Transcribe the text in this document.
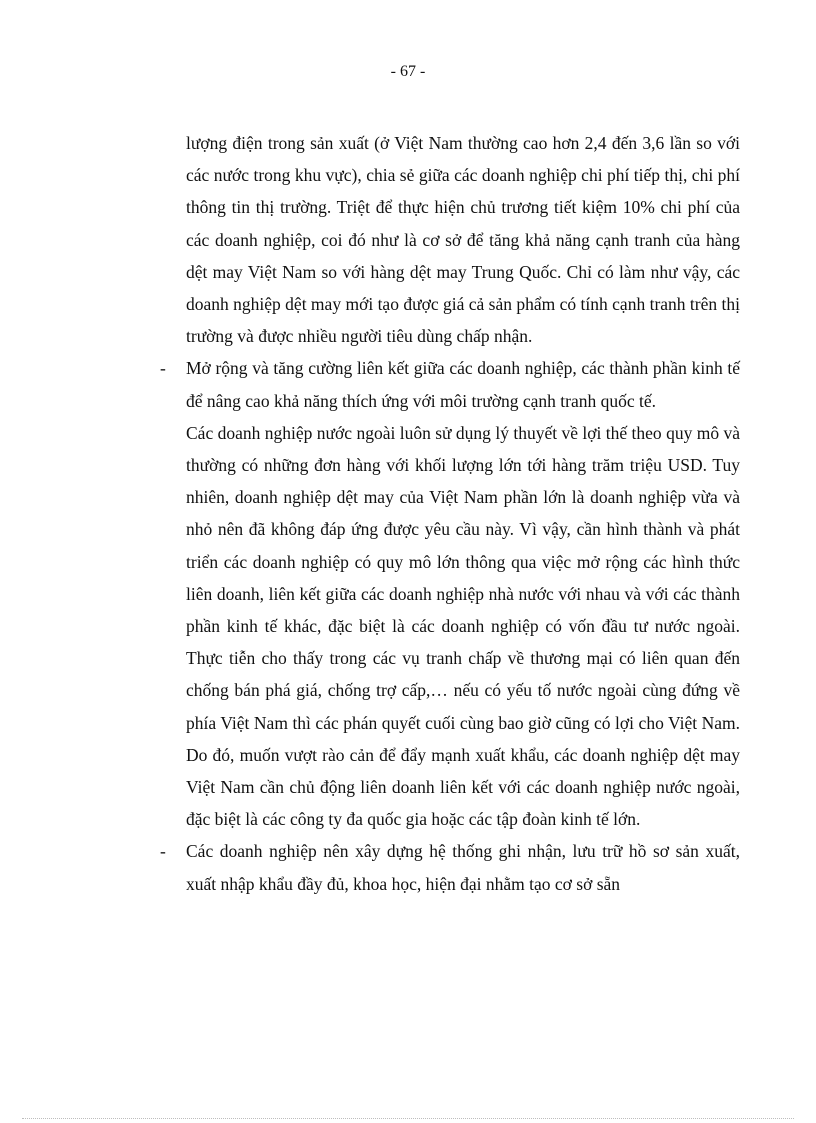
- 67 -

lượng điện trong sản xuất (ở Việt Nam thường cao hơn 2,4 đến 3,6 lần so với các nước trong khu vực), chia sẻ giữa các doanh nghiệp chi phí tiếp thị, chi phí thông tin thị trường. Triệt để thực hiện chủ trương tiết kiệm 10% chi phí của các doanh nghiệp, coi đó như là cơ sở để tăng khả năng cạnh tranh của hàng dệt may Việt Nam so với hàng dệt may Trung Quốc. Chỉ có làm như vậy, các doanh nghiệp dệt may mới tạo được giá cả sản phẩm có tính cạnh tranh trên thị trường và được nhiều người tiêu dùng chấp nhận.

- Mở rộng và tăng cường liên kết giữa các doanh nghiệp, các thành phần kinh tế để nâng cao khả năng thích ứng với môi trường cạnh tranh quốc tế.

Các doanh nghiệp nước ngoài luôn sử dụng lý thuyết về lợi thế theo quy mô và thường có những đơn hàng với khối lượng lớn tới hàng trăm triệu USD. Tuy nhiên, doanh nghiệp dệt may của Việt Nam phần lớn là doanh nghiệp vừa và nhỏ nên đã không đáp ứng được yêu cầu này. Vì vậy, cần hình thành và phát triển các doanh nghiệp có quy mô lớn thông qua việc mở rộng các hình thức liên doanh, liên kết giữa các doanh nghiệp nhà nước với nhau và với các thành phần kinh tế khác, đặc biệt là các doanh nghiệp có vốn đầu tư nước ngoài. Thực tiễn cho thấy trong các vụ tranh chấp về thương mại có liên quan đến chống bán phá giá, chống trợ cấp,… nếu có yếu tố nước ngoài cùng đứng về phía Việt Nam thì các phán quyết cuối cùng bao giờ cũng có lợi cho Việt Nam. Do đó, muốn vượt rào cản để đẩy mạnh xuất khẩu, các doanh nghiệp dệt may Việt Nam cần chủ động liên doanh liên kết với các doanh nghiệp nước ngoài, đặc biệt là các công ty đa quốc gia hoặc các tập đoàn kinh tế lớn.

- Các doanh nghiệp nên xây dựng hệ thống ghi nhận, lưu trữ hồ sơ sản xuất, xuất nhập khẩu đầy đủ, khoa học, hiện đại nhằm tạo cơ sở sẵn
